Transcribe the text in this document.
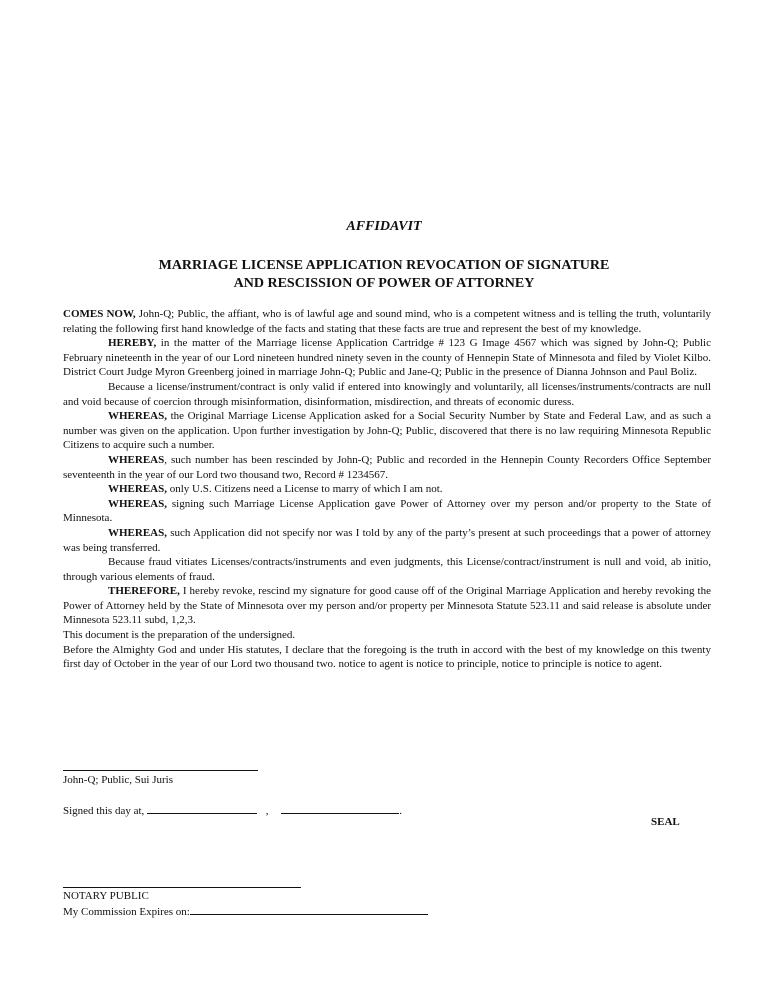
AFFIDAVIT
MARRIAGE LICENSE APPLICATION REVOCATION OF SIGNATURE
AND RESCISSION OF POWER OF ATTORNEY

COMES NOW, John-Q; Public, the affiant, who is of lawful age and sound mind, who is a competent witness and is telling the truth, voluntarily relating the following first hand knowledge of the facts and stating that these facts are true and represent the best of my knowledge.

HEREBY, in the matter of the Marriage license Application Cartridge # 123 G Image 4567 which was signed by John-Q; Public February nineteenth in the year of our Lord nineteen hundred ninety seven in the county of Hennepin State of Minnesota and filed by Violet Kilbo. District Court Judge Myron Greenberg joined in marriage John-Q; Public and Jane-Q; Public in the presence of Dianna Johnson and Paul Boliz.

Because a license/instrument/contract is only valid if entered into knowingly and voluntarily, all licenses/instruments/contracts are null and void because of coercion through misinformation, disinformation, misdirection, and threats of economic duress.

WHEREAS, the Original Marriage License Application asked for a Social Security Number by State and Federal Law, and as such a number was given on the application. Upon further investigation by John-Q; Public, discovered that there is no law requiring Minnesota Republic Citizens to acquire such a number.

WHEREAS, such number has been rescinded by John-Q; Public and recorded in the Hennepin County Recorders Office September seventeenth in the year of our Lord two thousand two, Record # 1234567.

WHEREAS, only U.S. Citizens need a License to marry of which I am not.

WHEREAS, signing such Marriage License Application gave Power of Attorney over my person and/or property to the State of Minnesota.

WHEREAS, such Application did not specify nor was I told by any of the party’s present at such proceedings that a power of attorney was being transferred.

Because fraud vitiates Licenses/contracts/instruments and even judgments, this License/contract/instrument is null and void, ab initio, through various elements of fraud.

THEREFORE, I hereby revoke, rescind my signature for good cause off of the Original Marriage Application and hereby revoking the Power of Attorney held by the State of Minnesota over my person and/or property per Minnesota Statute 523.11 and said release is absolute under Minnesota 523.11 subd, 1,2,3.

This document is the preparation of the undersigned.

Before the Almighty God and under His statutes, I declare that the foregoing is the truth in accord with the best of my knowledge on this twenty first day of October in the year of our Lord two thousand two. notice to agent is notice to principle, notice to principle is notice to agent.

John-Q; Public, Sui Juris
Signed this day at,	,	.
SEAL
NOTARY PUBLIC
My Commission Expires on:
